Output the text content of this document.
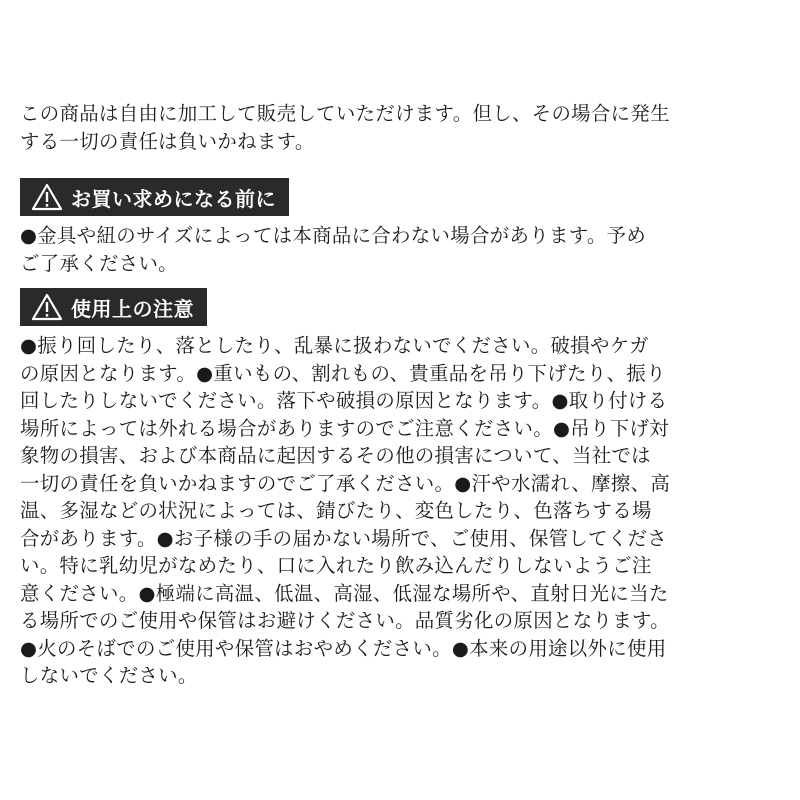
この商品は自由に加工して販売していただけます。但し、その場合に発生
する一切の責任は負いかねます。

お買い求めになる前に

●金具や紐のサイズによっては本商品に合わない場合があります。予め
ご了承ください。

使用上の注意

●振り回したり、落としたり、乱暴に扱わないでください。破損やケガ
の原因となります。●重いもの、割れもの、貴重品を吊り下げたり、振り
回したりしないでください。落下や破損の原因となります。●取り付ける
場所によっては外れる場合がありますのでご注意ください。●吊り下げ対
象物の損害、および本商品に起因するその他の損害について、当社では
一切の責任を負いかねますのでご了承ください。●汗や水濡れ、摩擦、高
温、多湿などの状況によっては、錆びたり、変色したり、色落ちする場
合があります。●お子様の手の届かない場所で、ご使用、保管してくださ
い。特に乳幼児がなめたり、口に入れたり飲み込んだりしないようご注
意ください。●極端に高温、低温、高湿、低湿な場所や、直射日光に当た
る場所でのご使用や保管はお避けください。品質劣化の原因となります。
●火のそばでのご使用や保管はおやめください。●本来の用途以外に使用
しないでください。
